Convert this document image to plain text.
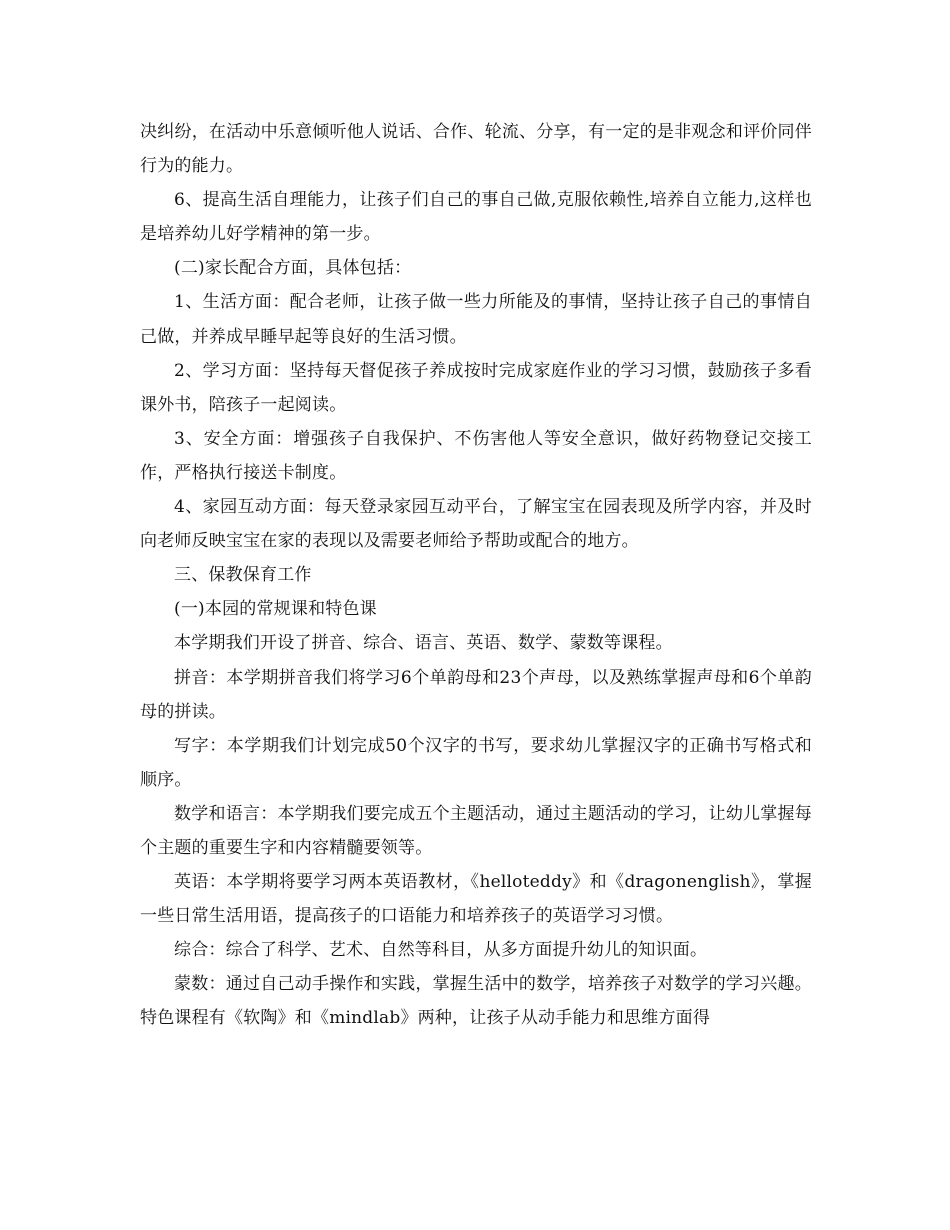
决纠纷，在活动中乐意倾听他人说话、合作、轮流、分享，有一定的是非观念和评价同伴行为的能力。

6、提高生活自理能力，让孩子们自己的事自己做,克服依赖性,培养自立能力,这样也是培养幼儿好学精神的第一步。

(二)家长配合方面，具体包括：

1、生活方面：配合老师，让孩子做一些力所能及的事情，坚持让孩子自己的事情自己做，并养成早睡早起等良好的生活习惯。

2、学习方面：坚持每天督促孩子养成按时完成家庭作业的学习习惯，鼓励孩子多看课外书，陪孩子一起阅读。

3、安全方面：增强孩子自我保护、不伤害他人等安全意识，做好药物登记交接工作，严格执行接送卡制度。

4、家园互动方面：每天登录家园互动平台，了解宝宝在园表现及所学内容，并及时向老师反映宝宝在家的表现以及需要老师给予帮助或配合的地方。

三、保教保育工作

(一)本园的常规课和特色课

本学期我们开设了拼音、综合、语言、英语、数学、蒙数等课程。

拼音：本学期拼音我们将学习6个单韵母和23个声母，以及熟练掌握声母和6个单韵母的拼读。

写字：本学期我们计划完成50个汉字的书写，要求幼儿掌握汉字的正确书写格式和顺序。

数学和语言：本学期我们要完成五个主题活动，通过主题活动的学习，让幼儿掌握每个主题的重要生字和内容精髓要领等。

英语：本学期将要学习两本英语教材，《helloteddy》和《dragonenglish》，掌握一些日常生活用语，提高孩子的口语能力和培养孩子的英语学习习惯。

综合：综合了科学、艺术、自然等科目，从多方面提升幼儿的知识面。

蒙数：通过自己动手操作和实践，掌握生活中的数学，培养孩子对数学的学习兴趣。特色课程有《软陶》和《mindlab》两种，让孩子从动手能力和思维方面得
